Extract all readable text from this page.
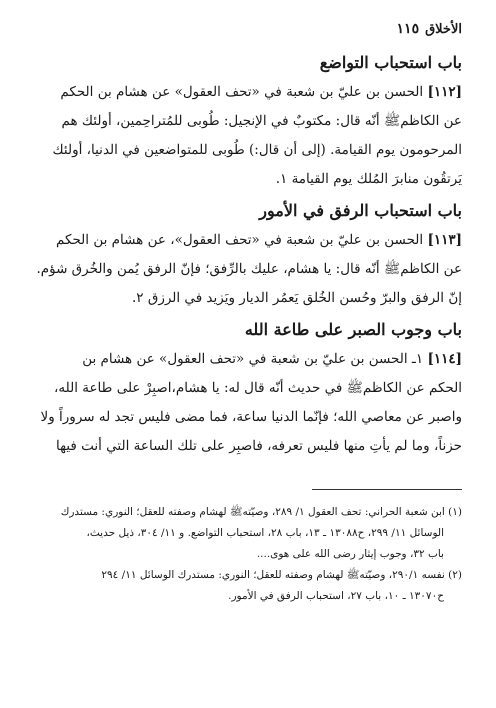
الأخلاق
١١٥
باب استحباب التواضع
[١١٢] الحسن بن عليّ بن شعبة في «تحف العقول» عن هشام بن الحكم
عن الكاظمﷺ أنّه قال: مكتوبٌ في الإنجيل: طُوبى للمُتراحِمين، أولئك هم
المرحومون يوم القيامة. (إلى أن قال:) طُوبى للمتواضعين في الدنيا، أولئك
يَرتقُون منابرَ المُلك يوم القيامة ١.
باب استحباب الرفق في الأمور
[١١٣] الحسن بن عليّ بن شعبة في «تحف العقول»، عن هشام بن الحكم
عن الكاظمﷺ أنّه قال: يا هشام، عليك بالرِّفق؛ فإنّ الرفق يُمن والخُرق شؤم.
إنّ الرفق والبرّ وحُسن الخُلق يَعمُر الديار ويَزيد في الرزق ٢.
باب وجوب الصبر على طاعة الله
[١١٤] ١ـ الحسن بن عليّ بن شعبة في «تحف العقول» عن هشام بن
الحكم عن الكاظمﷺ في حديث أنّه قال له: يا هشام،اصبِرْ على طاعة الله،
واصبر عن معاصي الله؛ فإنّما الدنيا ساعة، فما مضى فليس تجد له سروراً ولا
حزناً، وما لم يأتِ منها فليس تعرفه، فاصبِر على تلك الساعة التي أنت فيها
(١) ابن شعبة الحراني: تحف العقول ١/ ٢٨٩، وصيّتهﷺ لهشام وصفته للعقل؛ النوري: مستدرك
الوسائل ١١/ ٢٩٩، ح١٣٠٨٨ ـ ١٣، باب ٢٨، استحباب التواضع. و ١١/ ٣٠٤، ذيل حديث،
باب ٣٢، وجوب إيثار رضى الله على هوى....
(٢) نفسه ٢٩٠/١، وصيّتهﷺ لهشام وصفته للعقل؛ النوري: مستدرك الوسائل ١١/ ٢٩٤
ح١٣٠٧٠ ـ ١٠، باب ٢٧، استحباب الرفق في الأمور.
